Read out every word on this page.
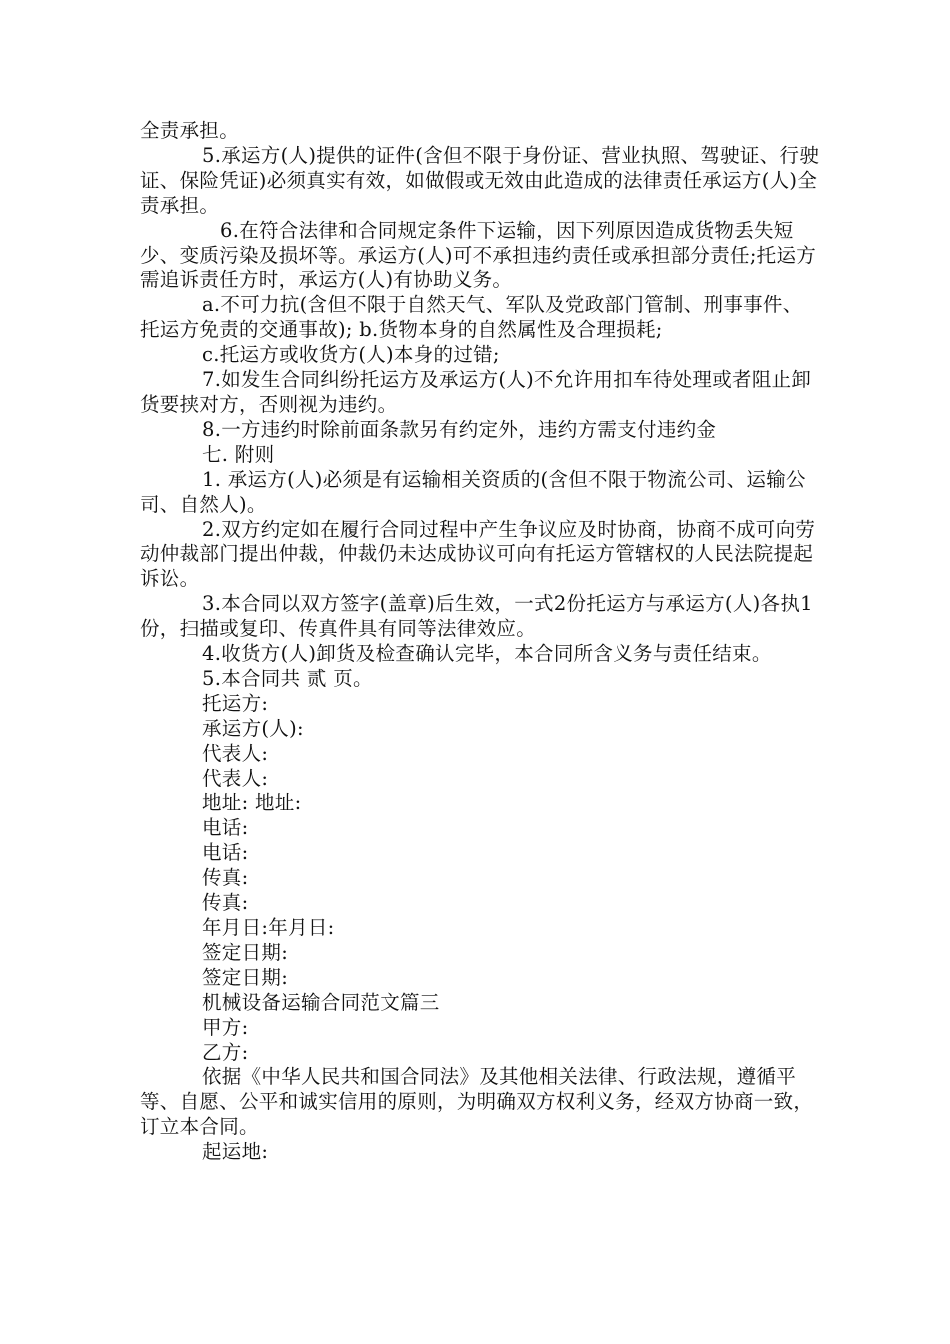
全责承担。

5.承运方(人)提供的证件(含但不限于身份证、营业执照、驾驶证、行驶证、保险凭证)必须真实有效，如做假或无效由此造成的法律责任承运方(人)全责承担。

6.在符合法律和合同规定条件下运输，因下列原因造成货物丢失短少、变质污染及损坏等。承运方(人)可不承担违约责任或承担部分责任;托运方需追诉责任方时，承运方(人)有协助义务。

a.不可力抗(含但不限于自然天气、军队及党政部门管制、刑事事件、托运方免责的交通事故); b.货物本身的自然属性及合理损耗;

c.托运方或收货方(人)本身的过错;

7.如发生合同纠纷托运方及承运方(人)不允许用扣车待处理或者阻止卸货要挟对方，否则视为违约。

8.一方违约时除前面条款另有约定外，违约方需支付违约金

七. 附则

1. 承运方(人)必须是有运输相关资质的(含但不限于物流公司、运输公司、自然人)。

2.双方约定如在履行合同过程中产生争议应及时协商，协商不成可向劳动仲裁部门提出仲裁，仲裁仍未达成协议可向有托运方管辖权的人民法院提起诉讼。

3.本合同以双方签字(盖章)后生效，一式2份托运方与承运方(人)各执1份，扫描或复印、传真件具有同等法律效应。

4.收货方(人)卸货及检查确认完毕，本合同所含义务与责任结束。

5.本合同共 贰 页。

托运方:

承运方(人):

代表人:

代表人:

地址: 地址:

电话:

电话:

传真:

传真:

年月日:年月日:

签定日期:

签定日期:

机械设备运输合同范文篇三

甲方:

乙方:

依据《中华人民共和国合同法》及其他相关法律、行政法规，遵循平等、自愿、公平和诚实信用的原则，为明确双方权利义务，经双方协商一致，订立本合同。

起运地:
